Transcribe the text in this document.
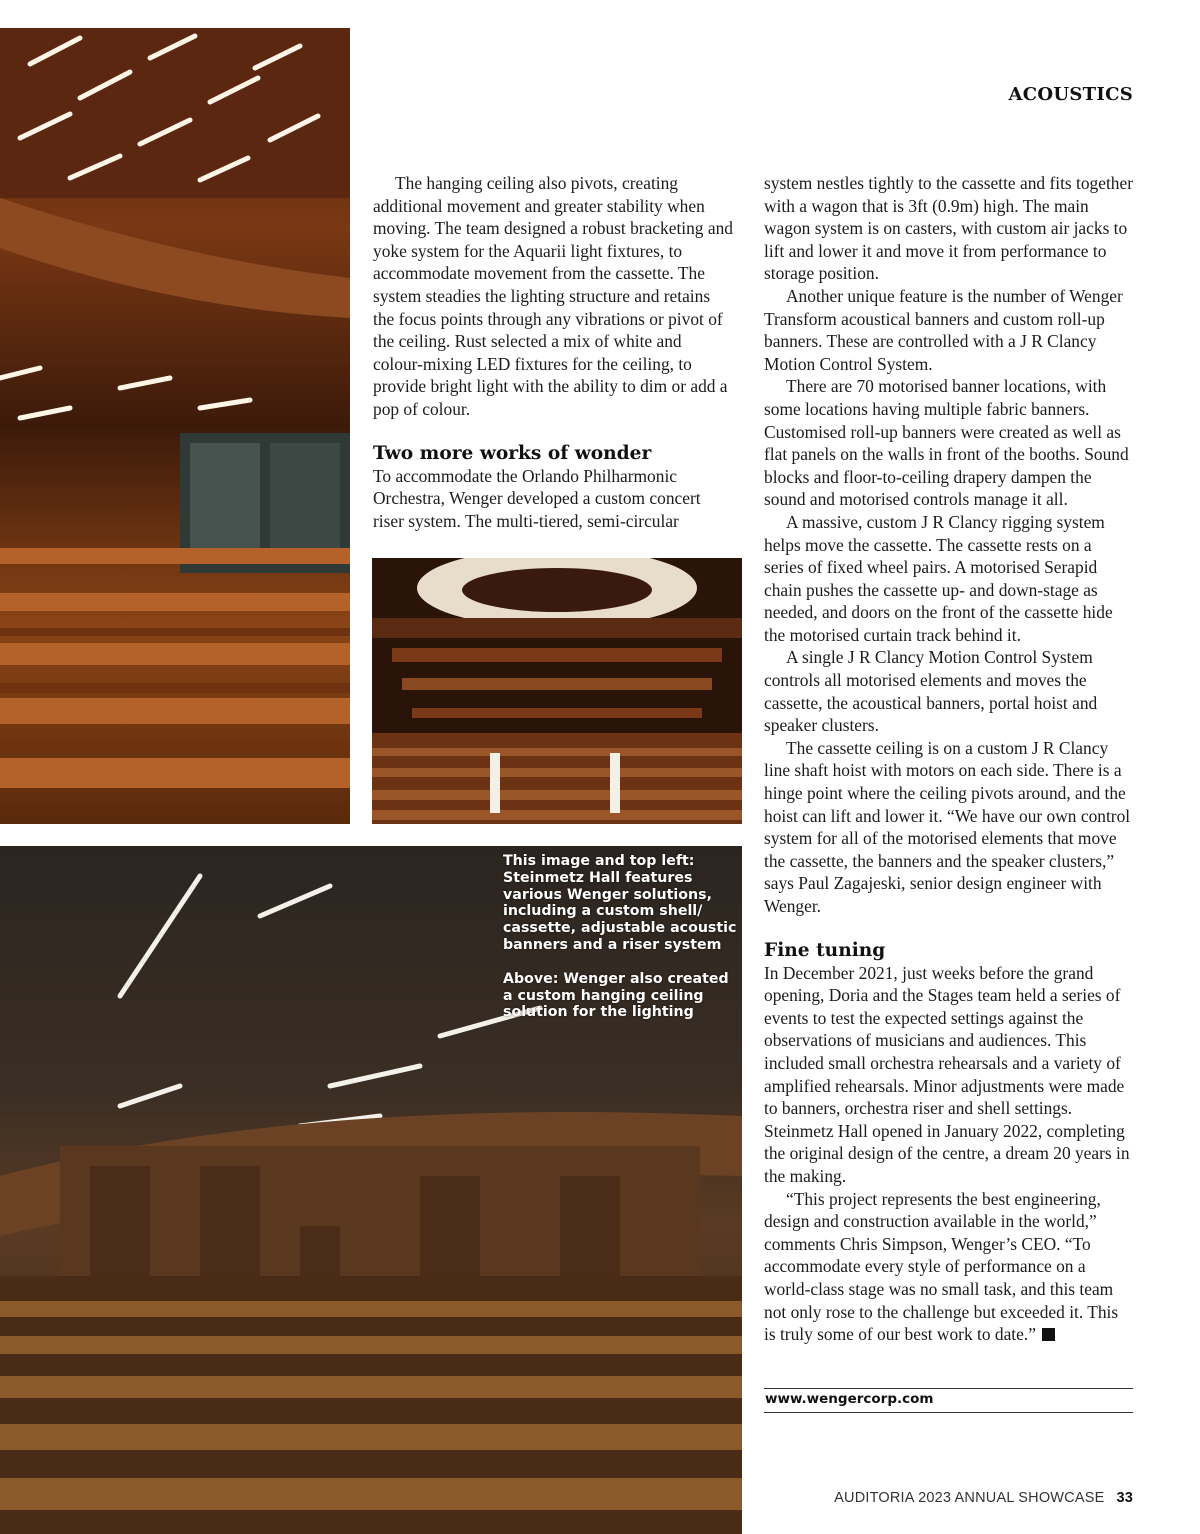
ACOUSTICS

This image and top left: Steinmetz Hall features various Wenger solutions, including a custom shell/ cassette, adjustable acoustic banners and a riser system

Above: Wenger also created a custom hanging ceiling solution for the lighting

The hanging ceiling also pivots, creating additional movement and greater stability when moving. The team designed a robust bracketing and yoke system for the Aquarii light fixtures, to accommodate movement from the cassette. The system steadies the lighting structure and retains the focus points through any vibrations or pivot of the ceiling. Rust selected a mix of white and colour-mixing LED fixtures for the ceiling, to provide bright light with the ability to dim or add a pop of colour.

Two more works of wonder

To accommodate the Orlando Philharmonic Orchestra, Wenger developed a custom concert riser system. The multi-tiered, semi-circular

system nestles tightly to the cassette and fits together with a wagon that is 3ft (0.9m) high. The main wagon system is on casters, with custom air jacks to lift and lower it and move it from performance to storage position.

Another unique feature is the number of Wenger Transform acoustical banners and custom roll-up banners. These are controlled with a J R Clancy Motion Control System.

There are 70 motorised banner locations, with some locations having multiple fabric banners. Customised roll-up banners were created as well as flat panels on the walls in front of the booths. Sound blocks and floor-to-ceiling drapery dampen the sound and motorised controls manage it all.

A massive, custom J R Clancy rigging system helps move the cassette. The cassette rests on a series of fixed wheel pairs. A motorised Serapid chain pushes the cassette up- and down-stage as needed, and doors on the front of the cassette hide the motorised curtain track behind it.

A single J R Clancy Motion Control System controls all motorised elements and moves the cassette, the acoustical banners, portal hoist and speaker clusters.

The cassette ceiling is on a custom J R Clancy line shaft hoist with motors on each side. There is a hinge point where the ceiling pivots around, and the hoist can lift and lower it. “We have our own control system for all of the motorised elements that move the cassette, the banners and the speaker clusters,” says Paul Zagajeski, senior design engineer with Wenger.

Fine tuning

In December 2021, just weeks before the grand opening, Doria and the Stages team held a series of events to test the expected settings against the observations of musicians and audiences. This included small orchestra rehearsals and a variety of amplified rehearsals. Minor adjustments were made to banners, orchestra riser and shell settings. Steinmetz Hall opened in January 2022, completing the original design of the centre, a dream 20 years in the making.

“This project represents the best engineering, design and construction available in the world,” comments Chris Simpson, Wenger’s CEO. “To accommodate every style of performance on a world-class stage was no small task, and this team not only rose to the challenge but exceeded it. This is truly some of our best work to date.”

www.wengercorp.com
AUDITORIA 2023 ANNUAL SHOWCASE 33
